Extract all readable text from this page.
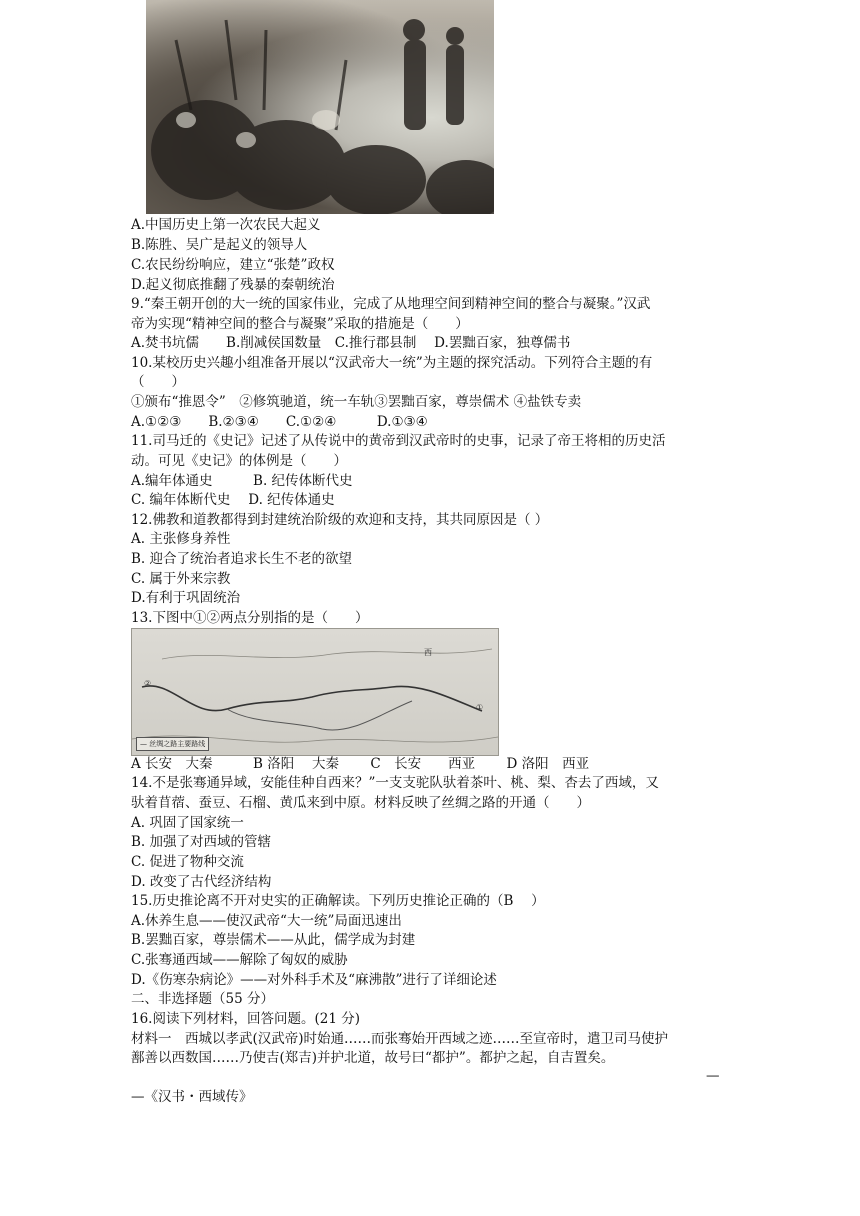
A.中国历史上第一次农民大起义
B.陈胜、吴广是起义的领导人
C.农民纷纷响应，建立“张楚”政权
D.起义彻底推翻了残暴的秦朝统治
9.“秦王朝开创的大一统的国家伟业，完成了从地理空间到精神空间的整合与凝聚。”汉武
帝为实现“精神空间的整合与凝聚”采取的措施是（　　）
A.焚书坑儒　　B.削减侯国数量　C.推行郡县制　 D.罢黜百家，独尊儒书
10.某校历史兴趣小组准备开展以“汉武帝大一统”为主题的探究活动。下列符合主题的有
（　　）
①颁布“推恩令”　②修筑驰道，统一车轨③罢黜百家，尊崇儒术 ④盐铁专卖
A.①②③　　B.②③④　　C.①②④　　　D.①③④
11.司马迁的《史记》记述了从传说中的黄帝到汉武帝时的史事，记录了帝王将相的历史活
动。可见《史记》的体例是（　　）
A.编年体通史　　　B. 纪传体断代史
C. 编年体断代史　 D. 纪传体通史
12.佛教和道教都得到封建统治阶级的欢迎和支持，其共同原因是（ ）
A. 主张修身养性
B. 迎合了统治者追求长生不老的欲望
C. 属于外来宗教
D.有利于巩固统治
13.下图中①②两点分别指的是（　　）
②
①
西
— 丝绸之路主要路线
A 长安　大秦　　　B 洛阳　 大秦　　 C　长安　　西亚　　 D 洛阳　西亚
14.不是张骞通异域，安能佳种自西来？”一支支驼队驮着茶叶、桃、梨、杏去了西域，又
驮着苜蓿、蚕豆、石榴、黄瓜来到中原。材料反映了丝绸之路的开通（　　）
A. 巩固了国家统一
B. 加强了对西域的管辖
C. 促进了物种交流
D. 改变了古代经济结构
15.历史推论离不开对史实的正确解读。下列历史推论正确的（B　 ）
A.休养生息——使汉武帝“大一统”局面迅速出
B.罢黜百家，尊崇儒术——从此，儒学成为封建
C.张骞通西域——解除了匈奴的威胁
D.《伤寒杂病论》——对外科手术及“麻沸散”进行了详细论述
二、非选择题（55 分）
16.阅读下列材料，回答问题。(21 分)
材料一　西城以孝武(汉武帝)时始通……而张骞始开西域之迹……至宣帝时，遣卫司马使护
鄯善以西数国……乃使吉(郑吉)并护北道，故号曰“都护”。都护之起，自吉置矣。
—
—《汉书・西域传》
